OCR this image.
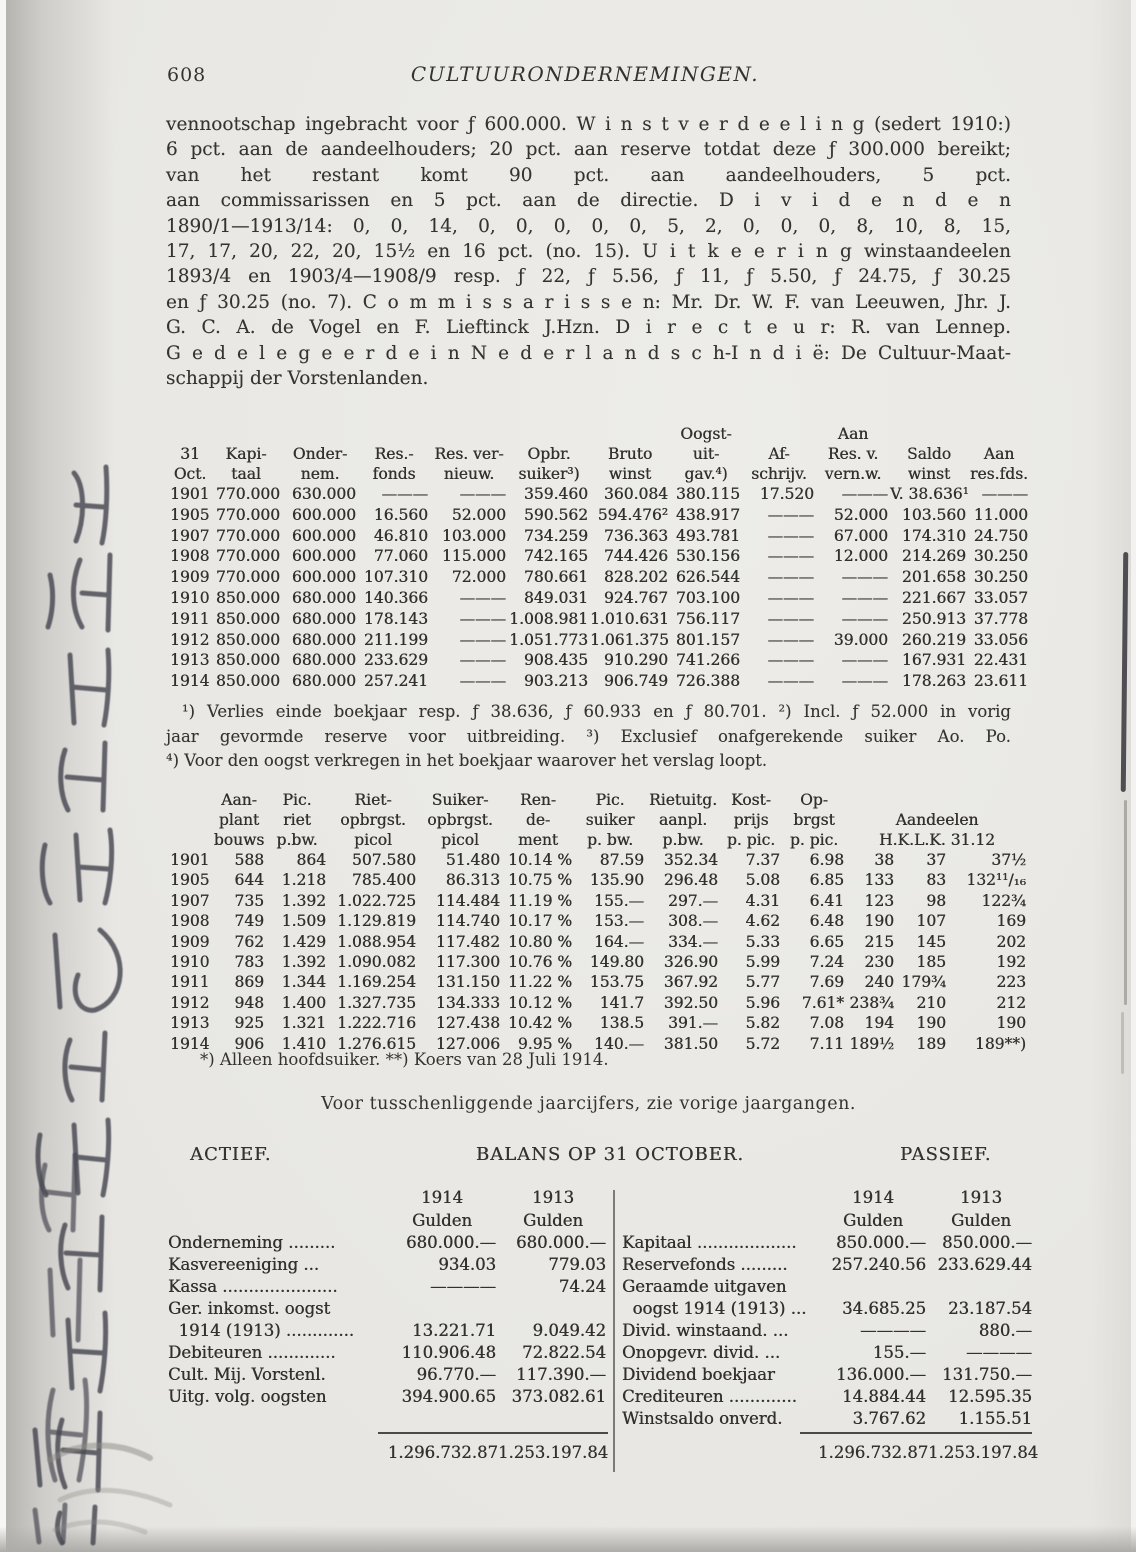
608	CULTUURONDERNEMINGEN.
vennootschap ingebracht voor ƒ 600.000. W i n s t v e r d e e l i n g (sedert 1910:)
6 pct. aan de aandeelhouders; 20 pct. aan reserve totdat deze ƒ 300.000 bereikt;
van het restant komt 90 pct. aan aandeelhouders, 5 pct.
aan commissarissen en 5 pct. aan de directie. D i v i d e n d e n
1890/1—1913/14: 0, 0, 14, 0, 0, 0, 0, 0, 5, 2, 0, 0, 0, 8, 10, 8, 15,
17, 17, 20, 22, 20, 15½ en 16 pct. (no. 15). U i t k e e r i n g winstaandeelen
1893/4 en 1903/4—1908/9 resp. ƒ 22, ƒ 5.56, ƒ 11, ƒ 5.50, ƒ 24.75, ƒ 30.25
en ƒ 30.25 (no. 7). C o m m i s s a r i s s e n: Mr. Dr. W. F. van Leeuwen, Jhr. J.
G. C. A. de Vogel en F. Lieftinck J.Hzn. D i r e c t e u r: R. van Lennep.
G e d e l e g e e r d e i n N e d e r l a n d s c h-I n d i ë: De Cultuur-Maat-
schappij der Vorstenlanden.
							Oogst-		Aan		
31	Kapi-	Onder-	Res.-	Res. ver-	Opbr.	Bruto	uit-	Af-	Res. v.	Saldo	Aan
Oct.	taal	nem.	fonds	nieuw.	suiker³)	winst	gav.⁴)	schrijv.	vern.w.	winst	res.fds.
1901	770.000	630.000	———	———	359.460	360.084	380.115	17.520	———	V. 38.636¹	———
1905	770.000	600.000	16.560	52.000	590.562	594.476²	438.917	———	52.000	103.560	11.000
1907	770.000	600.000	46.810	103.000	734.259	736.363	493.781	———	67.000	174.310	24.750
1908	770.000	600.000	77.060	115.000	742.165	744.426	530.156	———	12.000	214.269	30.250
1909	770.000	600.000	107.310	72.000	780.661	828.202	626.544	———	———	201.658	30.250
1910	850.000	680.000	140.366	———	849.031	924.767	703.100	———	———	221.667	33.057
1911	850.000	680.000	178.143	———	1.008.981	1.010.631	756.117	———	———	250.913	37.778
1912	850.000	680.000	211.199	———	1.051.773	1.061.375	801.157	———	39.000	260.219	33.056
1913	850.000	680.000	233.629	———	908.435	910.290	741.266	———	———	167.931	22.431
1914	850.000	680.000	257.241	———	903.213	906.749	726.388	———	———	178.263	23.611
¹) Verlies einde boekjaar resp. ƒ 38.636, ƒ 60.933 en ƒ 80.701. ²) Incl. ƒ 52.000 in vorig
jaar gevormde reserve voor uitbreiding. ³) Exclusief onafgerekende suiker Ao. Po.
⁴) Voor den oogst verkregen in het boekjaar waarover het verslag loopt.
	Aan-	Pic.	Riet-	Suiker-	Ren-	Pic.	Rietuitg.	Kost-	Op-			
	plant	riet	opbrgst.	opbrgst.	de-	suiker	aanpl.	prijs	brgst	Aandeelen		
	bouws	p.bw.	picol	picol	ment	p. bw.	p.bw.	p. pic.	p. pic.	H.K.L.K. 31.12		
1901	588	864	507.580	51.480	10.14 %	87.59	352.34	7.37	6.98	38	37	37½
1905	644	1.218	785.400	86.313	10.75 %	135.90	296.48	5.08	6.85	133	83	132¹¹/₁₆
1907	735	1.392	1.022.725	114.484	11.19 %	155.—	297.—	4.31	6.41	123	98	122¾
1908	749	1.509	1.129.819	114.740	10.17 %	153.—	308.—	4.62	6.48	190	107	169
1909	762	1.429	1.088.954	117.482	10.80 %	164.—	334.—	5.33	6.65	215	145	202
1910	783	1.392	1.090.082	117.300	10.76 %	149.80	326.90	5.99	7.24	230	185	192
1911	869	1.344	1.169.254	131.150	11.22 %	153.75	367.92	5.77	7.69	240	179¾	223
1912	948	1.400	1.327.735	134.333	10.12 %	141.7	392.50	5.96	7.61*	238¾	210	212
1913	925	1.321	1.222.716	127.438	10.42 %	138.5	391.—	5.82	7.08	194	190	190
1914	906	1.410	1.276.615	127.006	9.95 %	140.—	381.50	5.72	7.11	189½	189	189**)
*) Alleen hoofdsuiker. **) Koers van 28 Juli 1914.
Voor tusschenliggende jaarcijfers, zie vorige jaargangen.
ACTIEF.	BALANS OP 31 OCTOBER.	PASSIEF.
	1914	1913
	Gulden	Gulden
Onderneming .........	680.000.—	680.000.—
Kasvereeniging ...	934.03	779.03
Kassa ......................	————	74.24
Ger. inkomst. oogst		
1914 (1913) .............	13.221.71	9.049.42
Debiteuren .............	110.906.48	72.822.54
Cult. Mij. Vorstenl.	96.770.—	117.390.—
Uitg. volg. oogsten	394.900.65	373.082.61
	1914	1913
	Gulden	Gulden
Kapitaal ...................	850.000.—	850.000.—
Reservefonds .........	257.240.56	233.629.44
Geraamde uitgaven		
oogst 1914 (1913) ...	34.685.25	23.187.54
Divid. winstaand. ...	————	880.—
Onopgevr. divid. ...	155.—	————
Dividend boekjaar	136.000.—	131.750.—
Crediteuren .............	14.884.44	12.595.35
Winstsaldo onverd.	3.767.62	1.155.51
1.296.732.87 1.253.197.84	1.296.732.87 1.253.197.84
